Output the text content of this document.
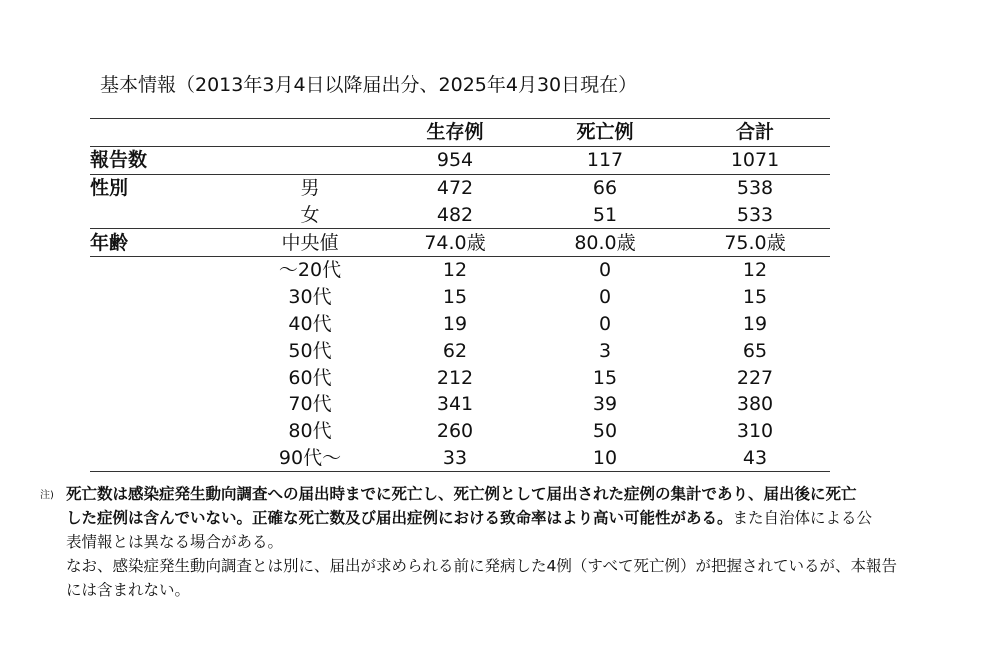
基本情報（2013年3月4日以降届出分、2025年4月30日現在）
		生存例	死亡例	合計
報告数		954	117	1071
性別	男	472	66	538
	女	482	51	533
年齢	中央値	74.0歳	80.0歳	75.0歳
	～20代	12	0	12
	30代	15	0	15
	40代	19	0	19
	50代	62	3	65
	60代	212	15	227
	70代	341	39	380
	80代	260	50	310
	90代～	33	10	43
注) 死亡数は感染症発生動向調査への届出時までに死亡し、死亡例として届出された症例の集計であり、届出後に死亡
した症例は含んでいない。正確な死亡数及び届出症例における致命率はより高い可能性がある。また自治体による公
表情報とは異なる場合がある。
なお、感染症発生動向調査とは別に、届出が求められる前に発病した4例（すべて死亡例）が把握されているが、本報告
には含まれない。
